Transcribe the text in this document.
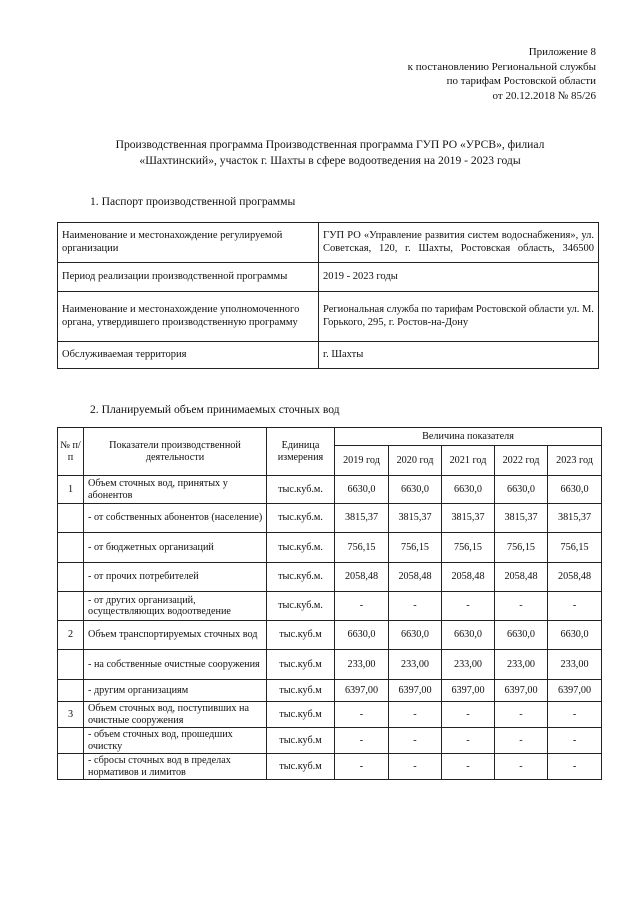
Приложение 8
к постановлению Региональной службы
по тарифам Ростовской области
от 20.12.2018 № 85/26
Производственная программа Производственная программа ГУП РО «УРСВ», филиал
«Шахтинский», участок г. Шахты в сфере водоотведения на 2019 - 2023 годы
1. Паспорт производственной программы
Наименование и местонахождение регулируемой организации	ГУП РО «Управление развития систем водоснабжения», ул. Советская, 120, г. Шахты, Ростовская область, 346500
Период реализации производственной программы	2019 - 2023 годы
Наименование и местонахождение уполномоченного органа, утвердившего производственную программу	Региональная служба по тарифам Ростовской области ул. М. Горького, 295, г. Ростов-на-Дону
Обслуживаемая территория	г. Шахты
2. Планируемый объем принимаемых сточных вод
№ п/п	Показатели производственной деятельности	Единица измерения	Величина показателя				
			2019 год	2020 год	2021 год	2022 год	2023 год
1	Объем сточных вод, принятых у абонентов	тыс.куб.м.	6630,0	6630,0	6630,0	6630,0	6630,0
	- от собственных абонентов (население)	тыс.куб.м.	3815,37	3815,37	3815,37	3815,37	3815,37
	- от бюджетных организаций	тыс.куб.м.	756,15	756,15	756,15	756,15	756,15
	- от прочих потребителей	тыс.куб.м.	2058,48	2058,48	2058,48	2058,48	2058,48
	- от других организаций, осуществляющих водоотведение	тыс.куб.м.	-	-	-	-	-
2	Объем транспортируемых сточных вод	тыс.куб.м	6630,0	6630,0	6630,0	6630,0	6630,0
	- на собственные очистные сооружения	тыс.куб.м	233,00	233,00	233,00	233,00	233,00
	- другим организациям	тыс.куб.м	6397,00	6397,00	6397,00	6397,00	6397,00
3	Объем сточных вод, поступивших на очистные сооружения	тыс.куб.м	-	-	-	-	-
	- объем сточных вод, прошедших очистку	тыс.куб.м	-	-	-	-	-
	- сбросы сточных вод в пределах нормативов и лимитов	тыс.куб.м	-	-	-	-	-
